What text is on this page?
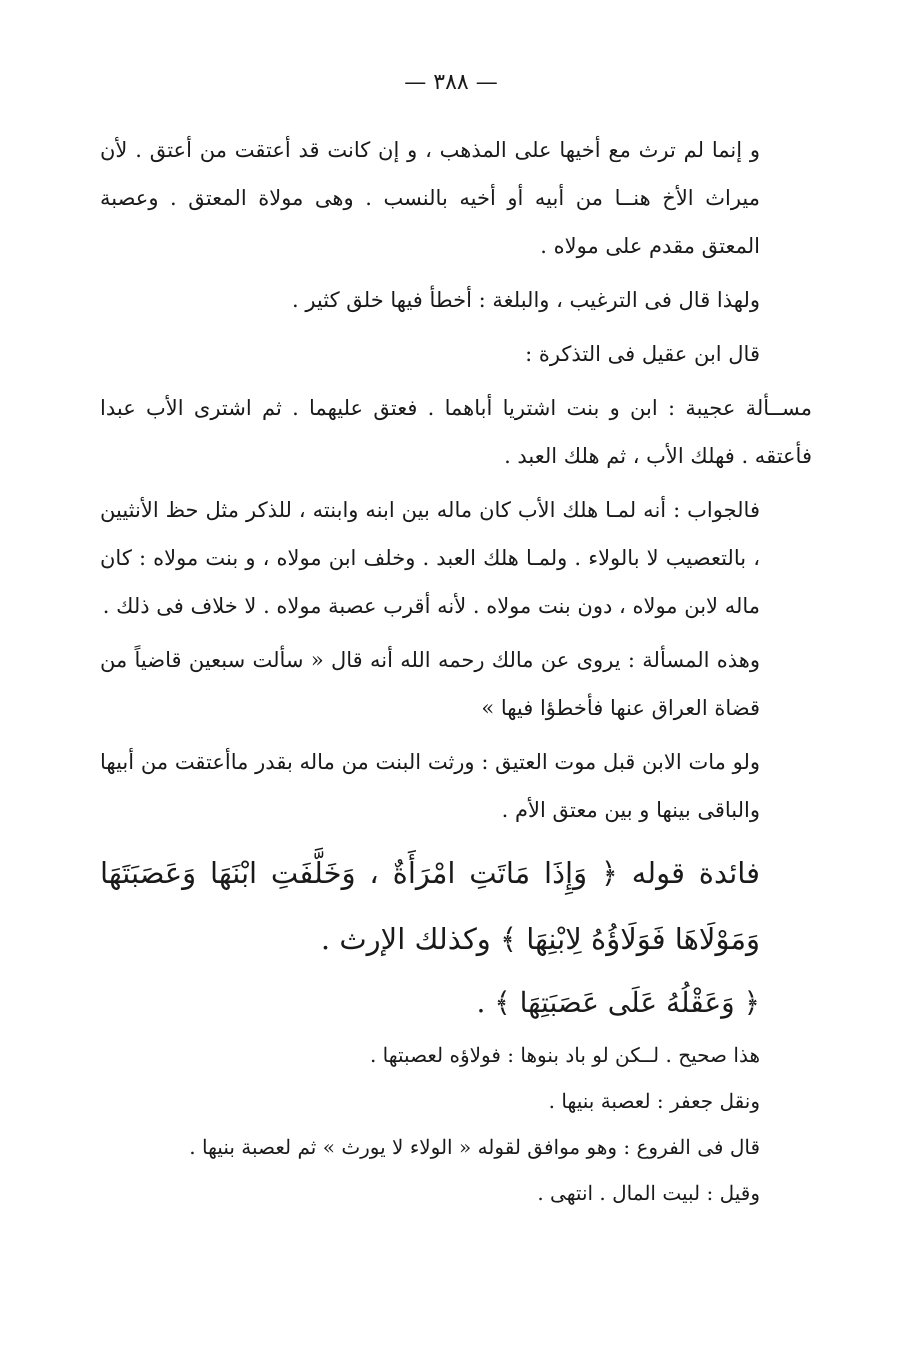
— ٣٨٨ —

و إنما لم ترث مع أخيها على المذهب ، و إن كانت قد أعتقت من أعتق . لأن ميراث الأخ هنــا من أبيه أو أخيه بالنسب . وهى مولاة المعتق . وعصبة المعتق مقدم على مولاه .

ولهذا قال فى الترغيب ، والبلغة : أخطأ فيها خلق كثير .

قال ابن عقيل فى التذكرة :

مســألة عجيبة : ابن و بنت اشتريا أباهما . فعتق عليهما . ثم اشترى الأب عبدا فأعتقه . فهلك الأب ، ثم هلك العبد .

فالجواب : أنه لمـا هلك الأب كان ماله بين ابنه وابنته ، للذكر مثل حظ الأنثيين ، بالتعصيب لا بالولاء . ولمـا هلك العبد . وخلف ابن مولاه ، و بنت مولاه : كان ماله لابن مولاه ، دون بنت مولاه . لأنه أقرب عصبة مولاه . لا خلاف فى ذلك .

وهذه المسألة : يروى عن مالك رحمه الله أنه قال « سألت سبعين قاضياً من قضاة العراق عنها فأخطؤا فيها »

ولو مات الابن قبل موت العتيق : ورثت البنت من ماله بقدر ماأعتقت من أبيها والباقى بينها و بين معتق الأم .

فائدة قوله ﴿ وَإِذَا مَاتَتِ امْرَأَةٌ ، وَخَلَّفَتِ ابْنَهَا وَعَصَبَتَهَا وَمَوْلَاهَا فَوَلَاؤُهُ لِابْنِهَا ﴾ وكذلك الإرث .

﴿ وَعَقْلُهُ عَلَى عَصَبَتِهَا ﴾ .

هذا صحيح . لــكن لو باد بنوها : فولاؤه لعصبتها .

ونقل جعفر : لعصبة بنيها .

قال فى الفروع : وهو موافق لقوله « الولاء لا يورث » ثم لعصبة بنيها .

وقيل : لبيت المال . انتهى .
